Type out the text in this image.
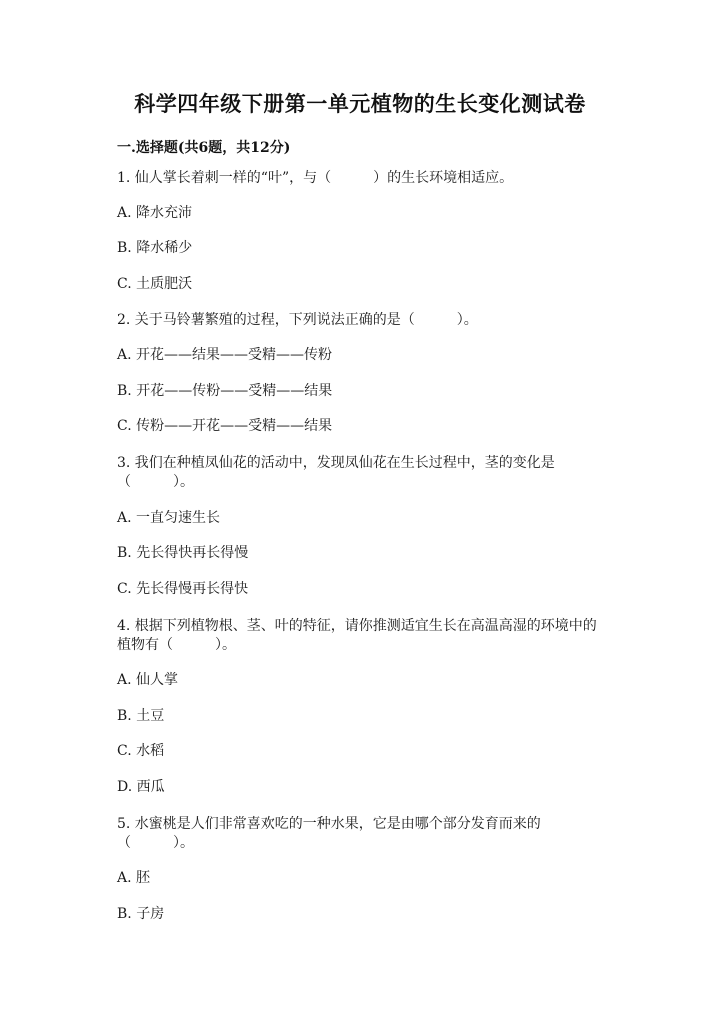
科学四年级下册第一单元植物的生长变化测试卷
一.选择题(共6题，共12分)
1. 仙人掌长着刺一样的“叶”，与（　　　）的生长环境相适应。
A. 降水充沛
B. 降水稀少
C. 土质肥沃
2. 关于马铃薯繁殖的过程，下列说法正确的是（　　　）。
A. 开花——结果——受精——传粉
B. 开花——传粉——受精——结果
C. 传粉——开花——受精——结果
3. 我们在种植凤仙花的活动中，发现凤仙花在生长过程中，茎的变化是
（　　　）。
A. 一直匀速生长
B. 先长得快再长得慢
C. 先长得慢再长得快
4. 根据下列植物根、茎、叶的特征，请你推测适宜生长在高温高湿的环境中的
植物有（　　　）。
A. 仙人掌
B. 土豆
C. 水稻
D. 西瓜
5. 水蜜桃是人们非常喜欢吃的一种水果，它是由哪个部分发育而来的
（　　　）。
A. 胚
B. 子房
